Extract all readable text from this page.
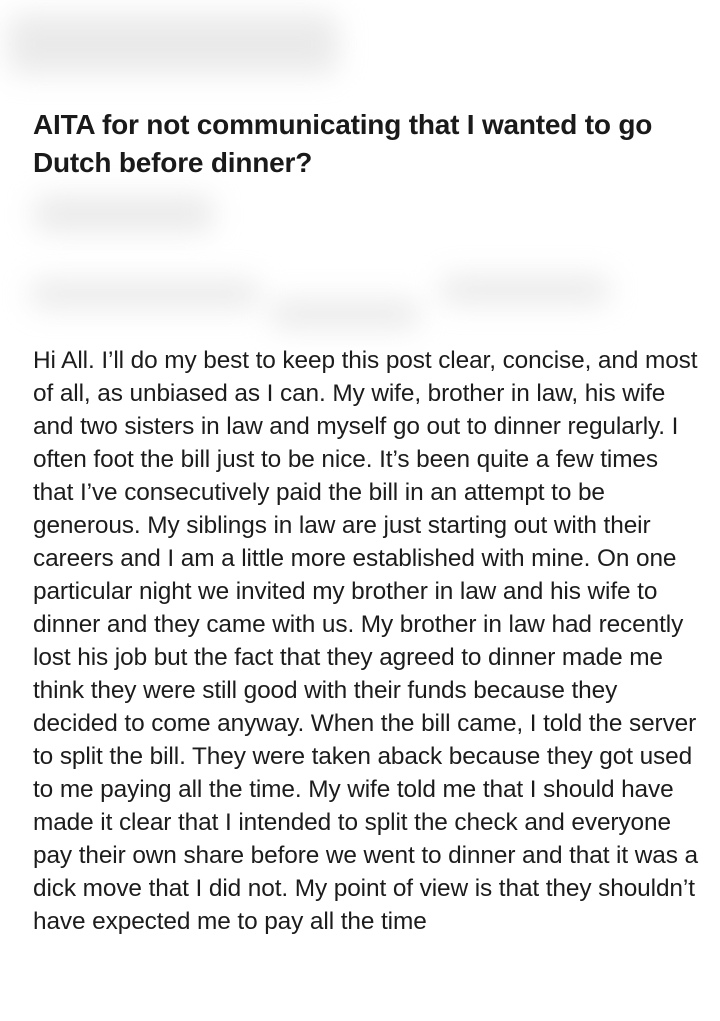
AITA for not communicating that I wanted to go Dutch before dinner?

Hi All. I’ll do my best to keep this post clear, concise, and most of all, as unbiased as I can. My wife, brother in law, his wife and two sisters in law and myself go out to dinner regularly. I often foot the bill just to be nice. It’s been quite a few times that I’ve consecutively paid the bill in an attempt to be generous. My siblings in law are just starting out with their careers and I am a little more established with mine. On one particular night we invited my brother in law and his wife to dinner and they came with us. My brother in law had recently lost his job but the fact that they agreed to dinner made me think they were still good with their funds because they decided to come anyway. When the bill came, I told the server to split the bill. They were taken aback because they got used to me paying all the time. My wife told me that I should have made it clear that I intended to split the check and everyone pay their own share before we went to dinner and that it was a dick move that I did not. My point of view is that they shouldn’t have expected me to pay all the time
